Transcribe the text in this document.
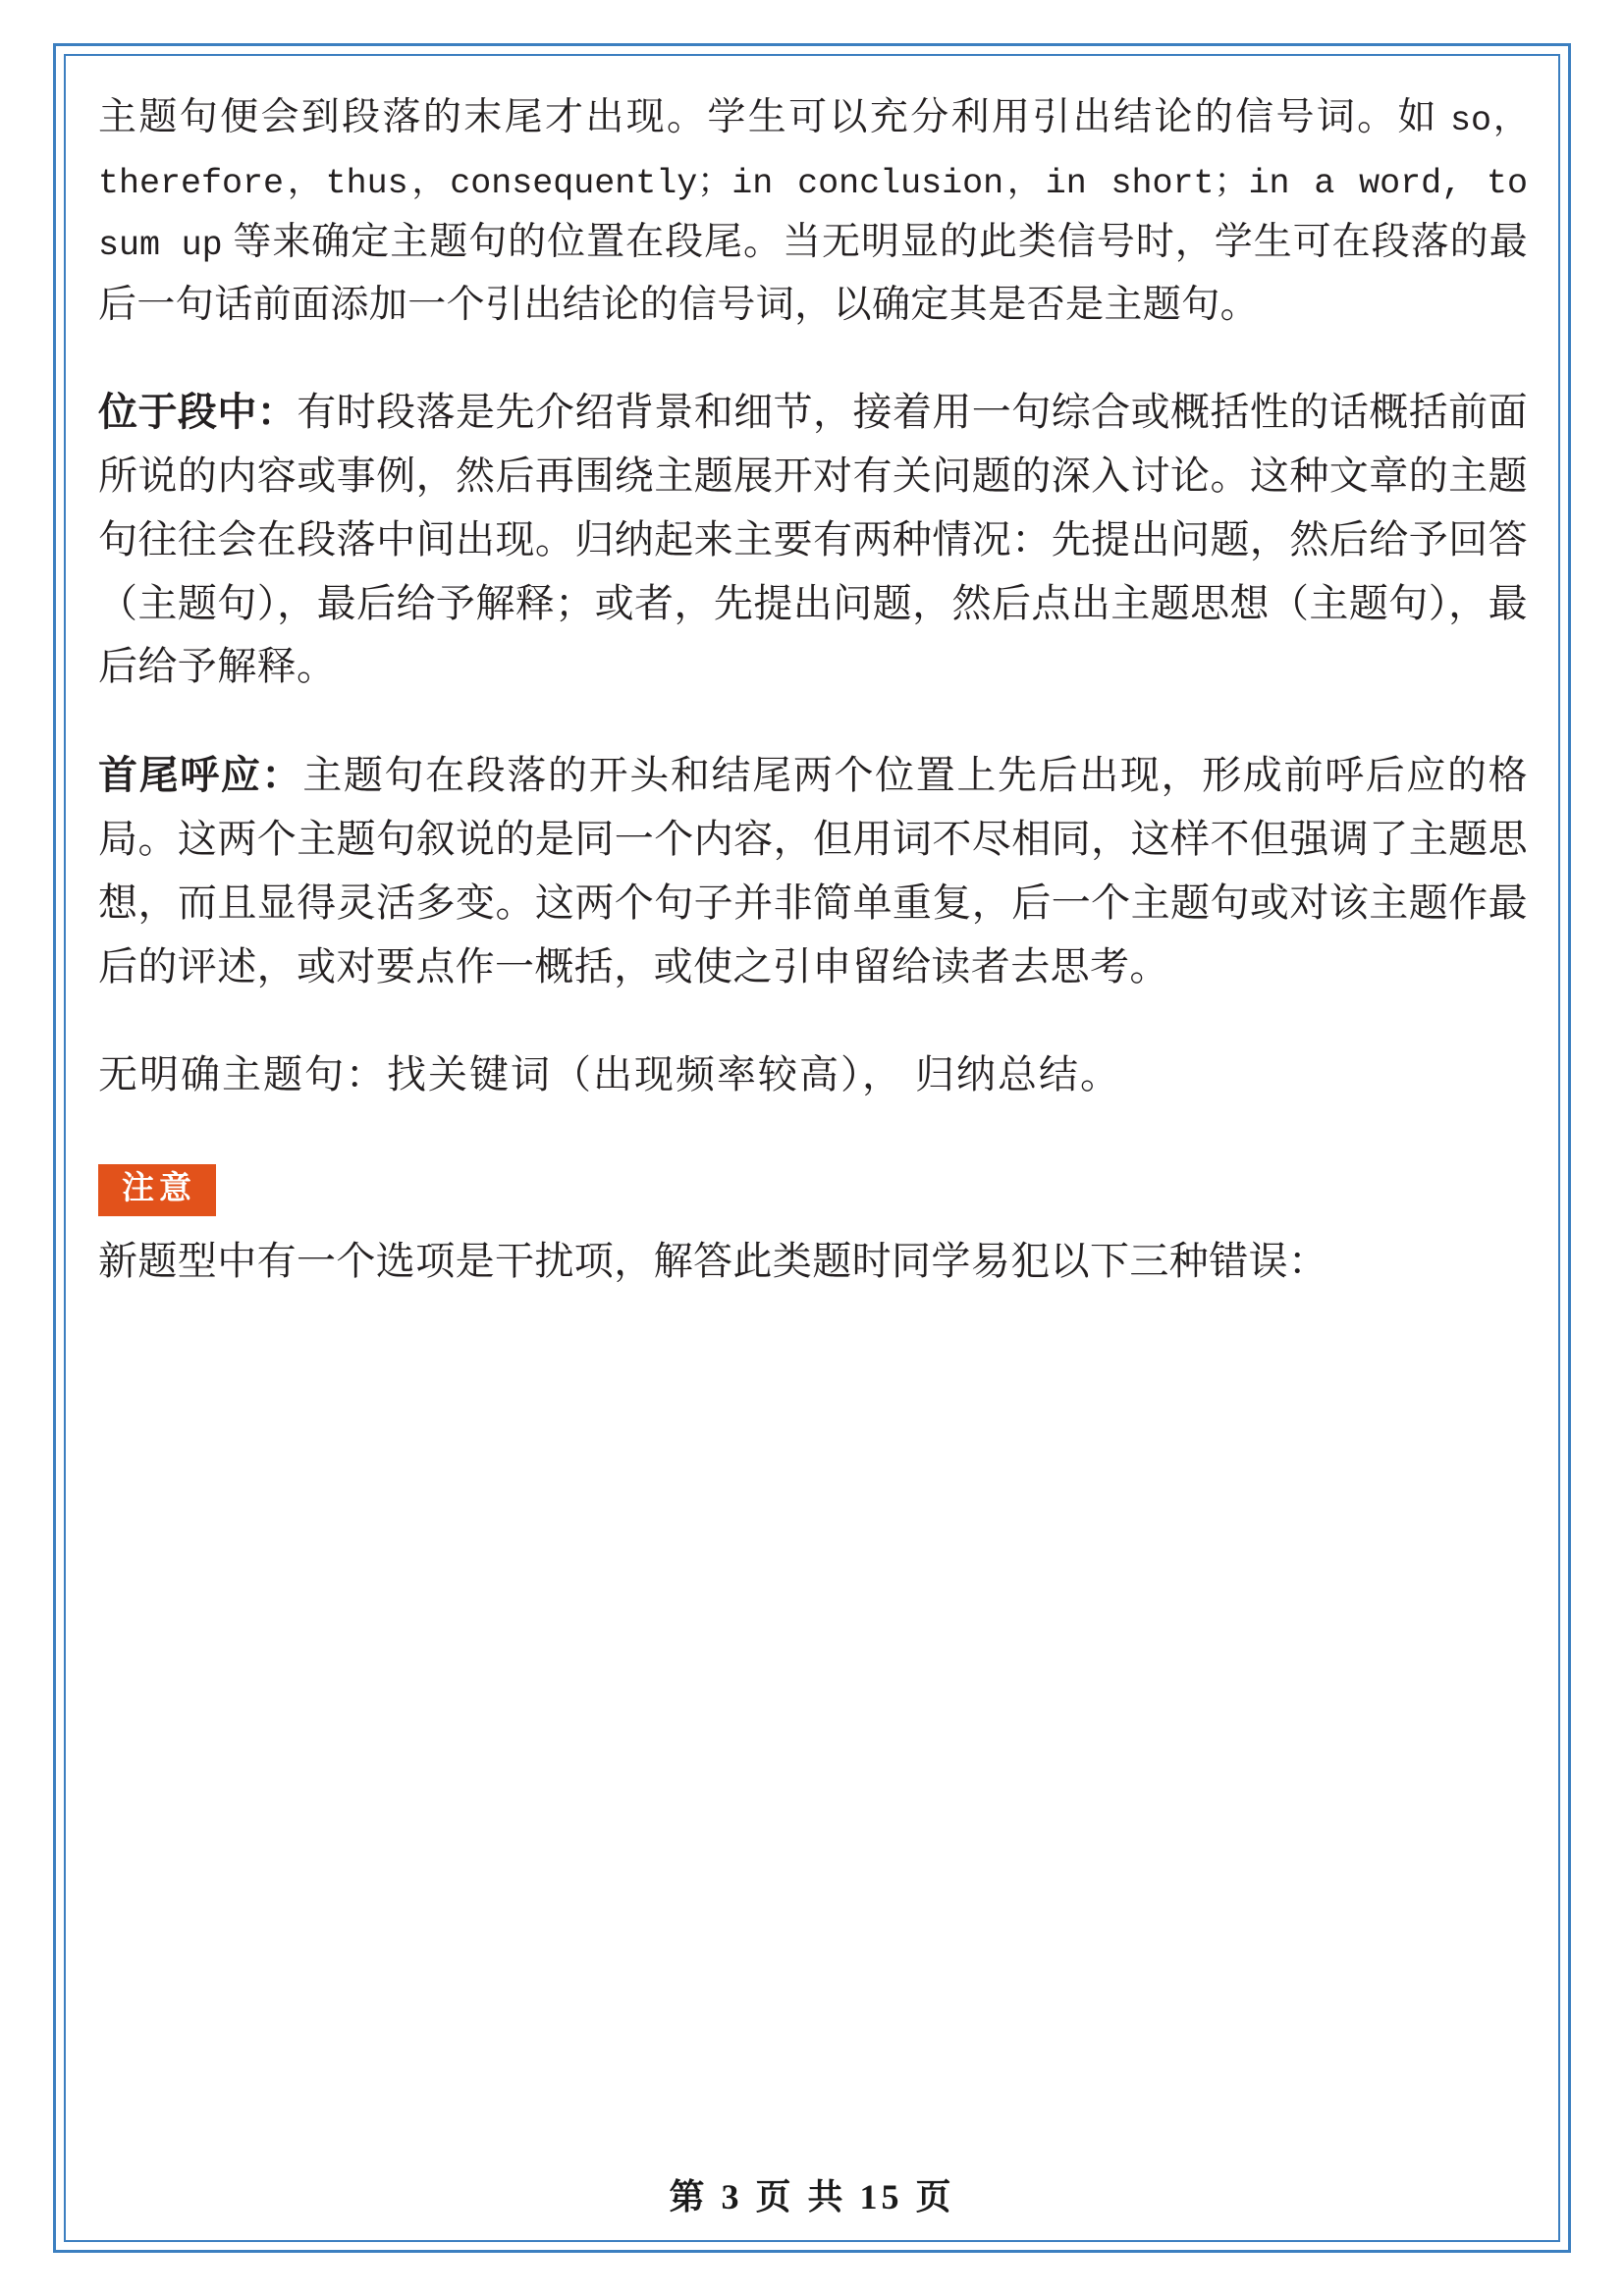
主题句便会到段落的末尾才出现。学生可以充分利用引出结论的信号词。如 so，therefore，thus，consequently；in conclusion，in short；in a word, to sum up 等来确定主题句的位置在段尾。当无明显的此类信号时，学生可在段落的最后一句话前面添加一个引出结论的信号词，以确定其是否是主题句。

位于段中：有时段落是先介绍背景和细节，接着用一句综合或概括性的话概括前面所说的内容或事例，然后再围绕主题展开对有关问题的深入讨论。这种文章的主题句往往会在段落中间出现。归纳起来主要有两种情况：先提出问题，然后给予回答（主题句），最后给予解释；或者，先提出问题，然后点出主题思想（主题句），最后给予解释。

首尾呼应：主题句在段落的开头和结尾两个位置上先后出现，形成前呼后应的格局。这两个主题句叙说的是同一个内容，但用词不尽相同，这样不但强调了主题思想，而且显得灵活多变。这两个句子并非简单重复，后一个主题句或对该主题作最后的评述，或对要点作一概括，或使之引申留给读者去思考。

无明确主题句：找关键词（出现频率较高）， 归纳总结。

注意

新题型中有一个选项是干扰项，解答此类题时同学易犯以下三种错误：

第 3 页 共 15 页
